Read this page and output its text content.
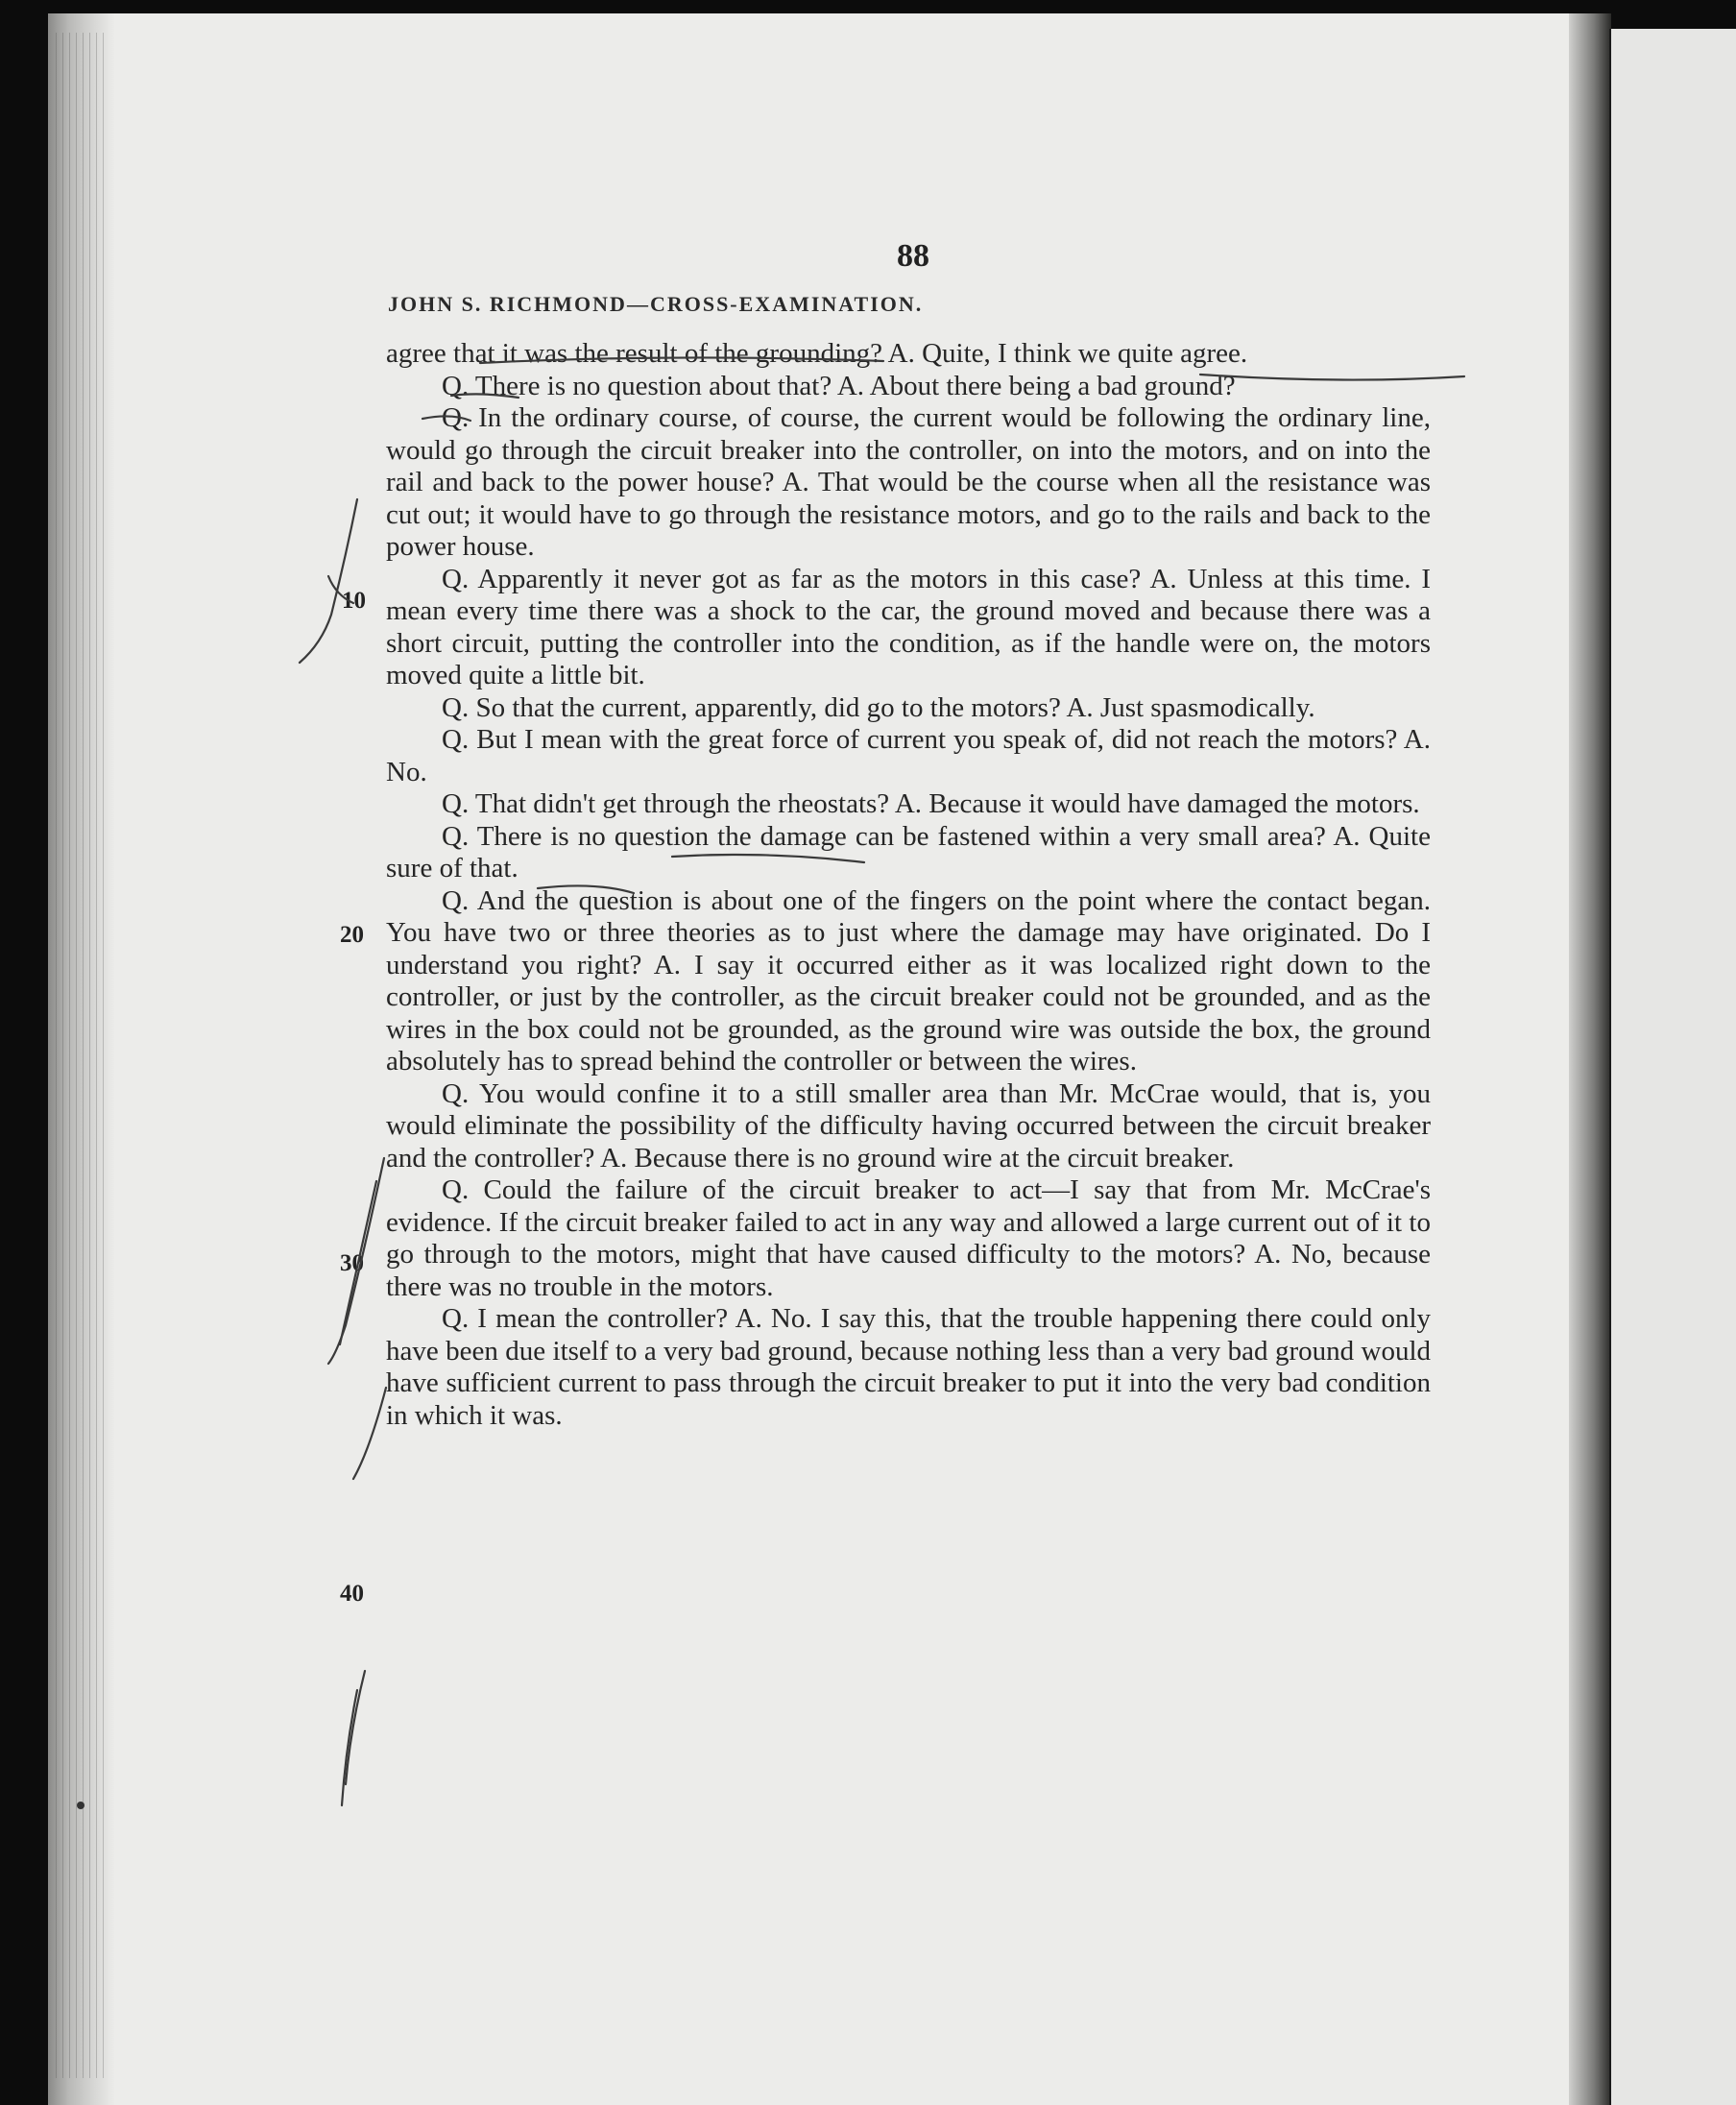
88
JOHN S. RICHMOND—CROSS-EXAMINATION.
10
20
30
40

agree that it was the result of the grounding? A. Quite, I think we quite agree.

Q. There is no question about that? A. About there being a bad ground?

Q. In the ordinary course, of course, the current would be following the ordinary line, would go through the circuit breaker into the controller, on into the motors, and on into the rail and back to the power house? A. That would be the course when all the resistance was cut out; it would have to go through the resistance motors, and go to the rails and back to the power house.

Q. Apparently it never got as far as the motors in this case? A. Unless at this time. I mean every time there was a shock to the car, the ground moved and because there was a short circuit, putting the controller into the condition, as if the handle were on, the motors moved quite a little bit.

Q. So that the current, apparently, did go to the motors? A. Just spasmodically.

Q. But I mean with the great force of current you speak of, did not reach the motors? A. No.

Q. That didn't get through the rheostats? A. Because it would have damaged the motors.

Q. There is no question the damage can be fastened within a very small area? A. Quite sure of that.

Q. And the question is about one of the fingers on the point where the contact began. You have two or three theories as to just where the damage may have originated. Do I understand you right? A. I say it occurred either as it was localized right down to the controller, or just by the controller, as the circuit breaker could not be grounded, and as the wires in the box could not be grounded, as the ground wire was outside the box, the ground absolutely has to spread behind the controller or between the wires.

Q. You would confine it to a still smaller area than Mr. McCrae would, that is, you would eliminate the possibility of the difficulty having occurred between the circuit breaker and the controller? A. Because there is no ground wire at the circuit breaker.

Q. Could the failure of the circuit breaker to act—I say that from Mr. McCrae's evidence. If the circuit breaker failed to act in any way and allowed a large current out of it to go through to the motors, might that have caused difficulty to the motors? A. No, because there was no trouble in the motors.

Q. I mean the controller? A. No. I say this, that the trouble happening there could only have been due itself to a very bad ground, because nothing less than a very bad ground would have sufficient current to pass through the circuit breaker to put it into the very bad condition in which it was.
